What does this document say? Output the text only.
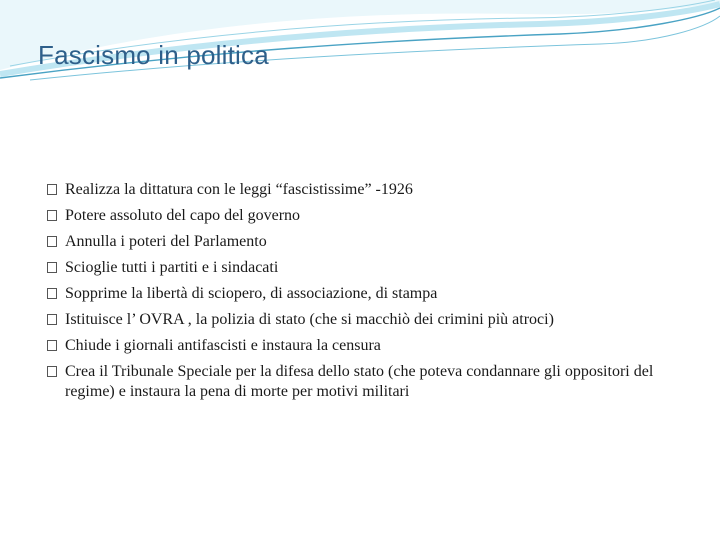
Fascismo in politica
Realizza la dittatura con le leggi “fascistissime” -1926
Potere assoluto del capo del governo
Annulla i poteri del Parlamento
Scioglie tutti i partiti e i sindacati
Sopprime la libertà di sciopero, di associazione, di stampa
Istituisce l’ OVRA , la polizia di stato (che si macchiò dei crimini più atroci)
Chiude i giornali antifascisti e instaura la censura
Crea il Tribunale Speciale per la difesa dello stato (che poteva condannare gli oppositori del regime) e instaura la pena di morte per motivi militari
